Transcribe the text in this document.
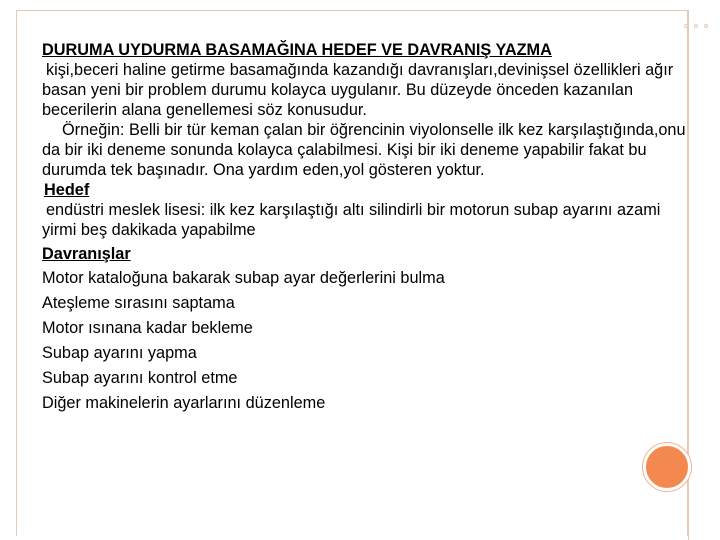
DURUMA UYDURMA BASAMAĞINA HEDEF VE DAVRANIŞ YAZMA

kişi,beceri haline getirme basamağında kazandığı davranışları,devinişsel özellikleri ağır basan yeni bir problem durumu kolayca uygulanır. Bu düzeyde önceden kazanılan becerilerin alana genellemesi söz konusudur.

Örneğin: Belli bir tür keman çalan bir öğrencinin viyolonselle ilk kez karşılaştığında,onu da bir iki deneme sonunda kolayca çalabilmesi. Kişi bir iki deneme yapabilir fakat bu durumda tek başınadır. Ona yardım eden,yol gösteren yoktur.

Hedef

endüstri meslek lisesi: ilk kez karşılaştığı altı silindirli bir motorun subap ayarını azami yirmi beş dakikada yapabilme

Davranışlar

Motor kataloğuna bakarak subap ayar değerlerini bulma

Ateşleme sırasını saptama

Motor ısınana kadar bekleme

Subap ayarını yapma

Subap ayarını kontrol etme

Diğer makinelerin ayarlarını düzenleme
